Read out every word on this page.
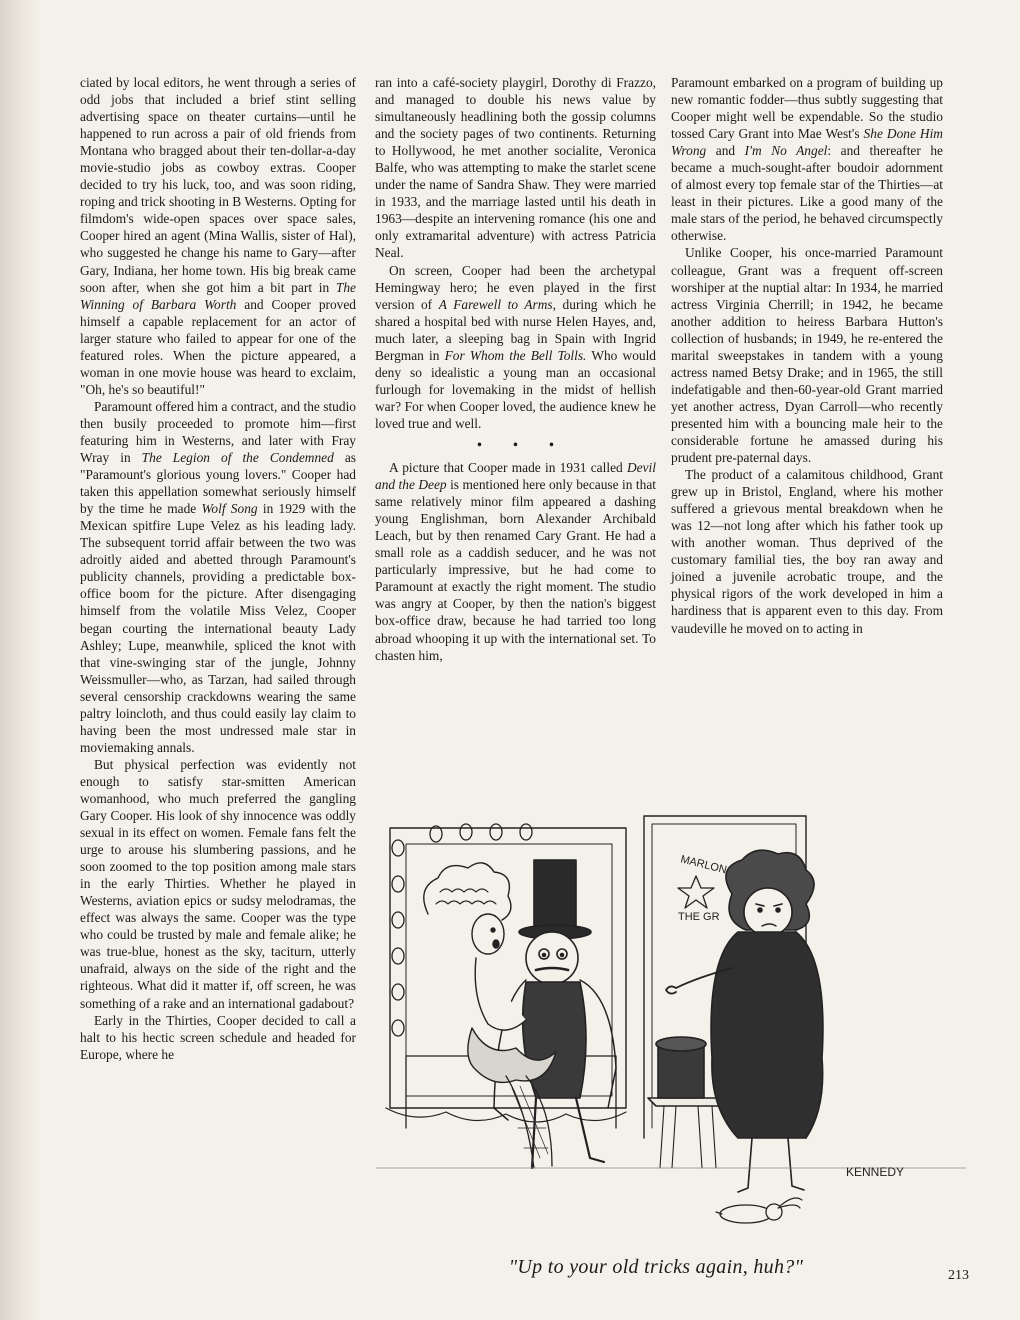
ciated by local editors, he went through a series of odd jobs that included a brief stint selling advertising space on theater curtains—until he happened to run across a pair of old friends from Montana who bragged about their ten-dollar-a-day movie-studio jobs as cowboy extras. Cooper decided to try his luck, too, and was soon riding, roping and trick shooting in B Westerns. Opting for filmdom's wide-open spaces over space sales, Cooper hired an agent (Mina Wallis, sister of Hal), who suggested he change his name to Gary—after Gary, Indiana, her home town. His big break came soon after, when she got him a bit part in The Winning of Barbara Worth and Cooper proved himself a capable replacement for an actor of larger stature who failed to appear for one of the featured roles. When the picture appeared, a woman in one movie house was heard to exclaim, "Oh, he's so beautiful!"

Paramount offered him a contract, and the studio then busily proceeded to promote him—first featuring him in Westerns, and later with Fray Wray in The Legion of the Condemned as "Paramount's glorious young lovers." Cooper had taken this appellation somewhat seriously himself by the time he made Wolf Song in 1929 with the Mexican spitfire Lupe Velez as his leading lady. The subsequent torrid affair between the two was adroitly aided and abetted through Paramount's publicity channels, providing a predictable box-office boom for the picture. After disengaging himself from the volatile Miss Velez, Cooper began courting the international beauty Lady Ashley; Lupe, meanwhile, spliced the knot with that vine-swinging star of the jungle, Johnny Weissmuller—who, as Tarzan, had sailed through several censorship crackdowns wearing the same paltry loincloth, and thus could easily lay claim to having been the most undressed male star in moviemaking annals.

But physical perfection was evidently not enough to satisfy star-smitten American womanhood, who much preferred the gangling Gary Cooper. His look of shy innocence was oddly sexual in its effect on women. Female fans felt the urge to arouse his slumbering passions, and he soon zoomed to the top position among male stars in the early Thirties. Whether he played in Westerns, aviation epics or sudsy melodramas, the effect was always the same. Cooper was the type who could be trusted by male and female alike; he was true-blue, honest as the sky, taciturn, utterly unafraid, always on the side of the right and the righteous. What did it matter if, off screen, he was something of a rake and an international gadabout?

Early in the Thirties, Cooper decided to call a halt to his hectic screen schedule and headed for Europe, where he

ran into a café-society playgirl, Dorothy di Frazzo, and managed to double his news value by simultaneously headlining both the gossip columns and the society pages of two continents. Returning to Hollywood, he met another socialite, Veronica Balfe, who was attempting to make the starlet scene under the name of Sandra Shaw. They were married in 1933, and the marriage lasted until his death in 1963—despite an intervening romance (his one and only extramarital adventure) with actress Patricia Neal.

On screen, Cooper had been the archetypal Hemingway hero; he even played in the first version of A Farewell to Arms, during which he shared a hospital bed with nurse Helen Hayes, and, much later, a sleeping bag in Spain with Ingrid Bergman in For Whom the Bell Tolls. Who would deny so idealistic a young man an occasional furlough for lovemaking in the midst of hellish war? For when Cooper loved, the audience knew he loved true and well.

• • •

A picture that Cooper made in 1931 called Devil and the Deep is mentioned here only because in that same relatively minor film appeared a dashing young Englishman, born Alexander Archibald Leach, but by then renamed Cary Grant. He had a small role as a caddish seducer, and he was not particularly impressive, but he had come to Paramount at exactly the right moment. The studio was angry at Cooper, by then the nation's biggest box-office draw, because he had tarried too long abroad whooping it up with the international set. To chasten him,

Paramount embarked on a program of building up new romantic fodder—thus subtly suggesting that Cooper might well be expendable. So the studio tossed Cary Grant into Mae West's She Done Him Wrong and I'm No Angel: and thereafter he became a much-sought-after boudoir adornment of almost every top female star of the Thirties—at least in their pictures. Like a good many of the male stars of the period, he behaved circumspectly otherwise.

Unlike Cooper, his once-married Paramount colleague, Grant was a frequent off-screen worshiper at the nuptial altar: In 1934, he married actress Virginia Cherrill; in 1942, he became another addition to heiress Barbara Hutton's collection of husbands; in 1949, he re-entered the marital sweepstakes in tandem with a young actress named Betsy Drake; and in 1965, the still indefatigable and then-60-year-old Grant married yet another actress, Dyan Carroll—who recently presented him with a bouncing male heir to the considerable fortune he amassed during his prudent pre-paternal days.

The product of a calamitous childhood, Grant grew up in Bristol, England, where his mother suffered a grievous mental breakdown when he was 12—not long after which his father took up with another woman. Thus deprived of the customary familial ties, the boy ran away and joined a juvenile acrobatic troupe, and the physical rigors of the work developed in him a hardiness that is apparent even to this day. From vaudeville he moved on to acting in

MARLON
THE GR
KENNEDY
"Up to your old tricks again, huh?"	213
